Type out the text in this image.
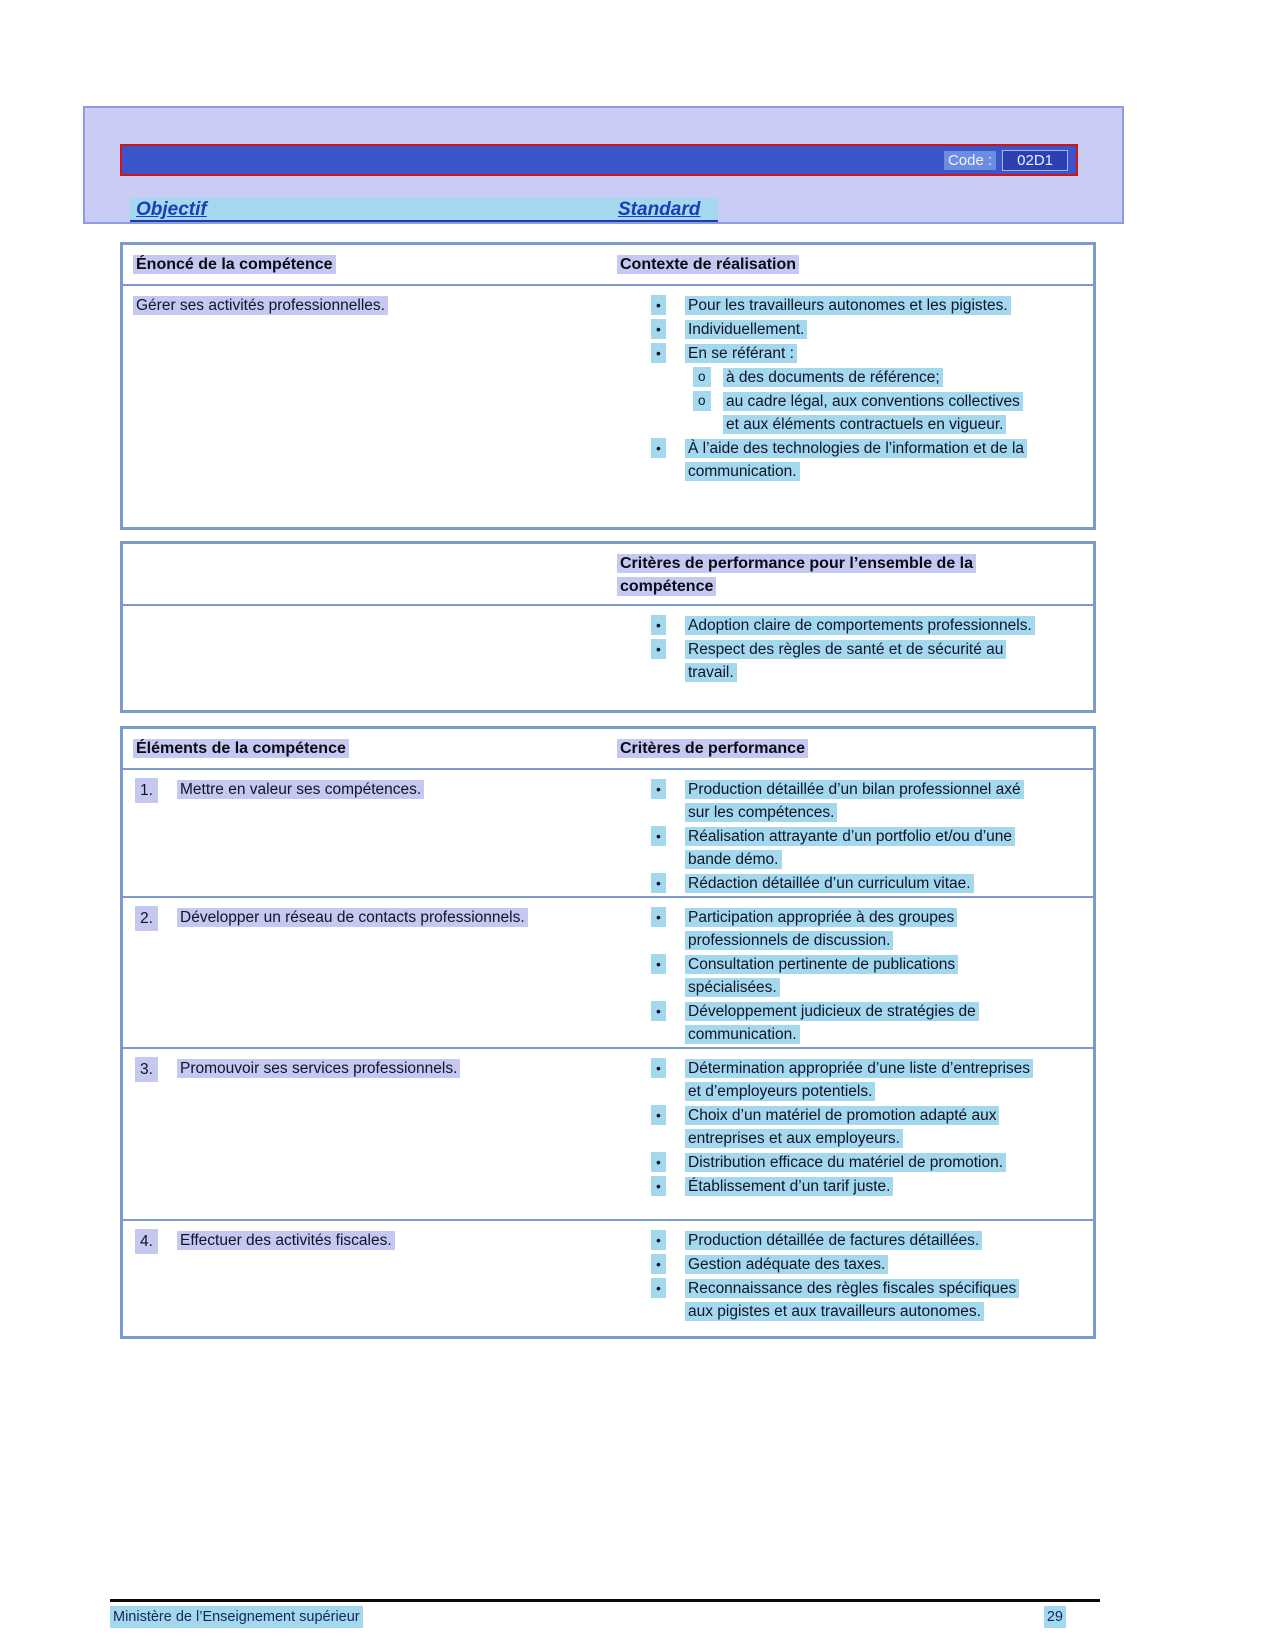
Code :	02D1
Objectif	Standard
Énoncé de la compétence	Contexte de réalisation
Gérer ses activités professionnelles.	• Pour les travailleurs autonomes et les pigistes.
• Individuellement.
• En se référant :
o à des documents de référence;
o au cadre légal, aux conventions collectives et aux éléments contractuels en vigueur.
• À l’aide des technologies de l’information et de la communication.
Critères de performance pour l’ensemble de la compétence
• Adoption claire de comportements professionnels.
• Respect des règles de santé et de sécurité au travail.
Éléments de la compétence	Critères de performance
1.	Mettre en valeur ses compétences.	• Production détaillée d’un bilan professionnel axé sur les compétences.
• Réalisation attrayante d’un portfolio et/ou d’une bande démo.
• Rédaction détaillée d’un curriculum vitae.
2.	Développer un réseau de contacts professionnels.	• Participation appropriée à des groupes professionnels de discussion.
• Consultation pertinente de publications spécialisées.
• Développement judicieux de stratégies de communication.
3.	Promouvoir ses services professionnels.	• Détermination appropriée d’une liste d’entreprises et d’employeurs potentiels.
• Choix d’un matériel de promotion adapté aux entreprises et aux employeurs.
• Distribution efficace du matériel de promotion.
• Établissement d’un tarif juste.
4.	Effectuer des activités fiscales.	• Production détaillée de factures détaillées.
• Gestion adéquate des taxes.
• Reconnaissance des règles fiscales spécifiques aux pigistes et aux travailleurs autonomes.
Ministère de l’Enseignement supérieur	29
